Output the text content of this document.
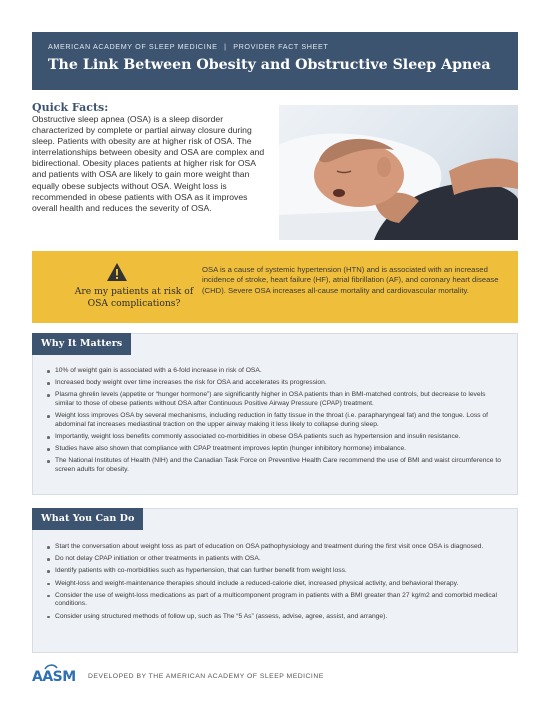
AMERICAN ACADEMY OF SLEEP MEDICINE | PROVIDER FACT SHEET
The Link Between Obesity and Obstructive Sleep Apnea
Quick Facts:
Obstructive sleep apnea (OSA) is a sleep disorder characterized by complete or partial airway closure during sleep. Patients with obesity are at higher risk of OSA. The interrelationships between obesity and OSA are complex and bidirectional. Obesity places patients at higher risk for OSA and patients with OSA are likely to gain more weight than equally obese subjects without OSA. Weight loss is recommended in obese patients with OSA as it improves overall health and reduces the severity of OSA.
Are my patients at risk of OSA complications?
OSA is a cause of systemic hypertension (HTN) and is associated with an increased incidence of stroke, heart failure (HF), atrial fibrillation (AF), and coronary heart disease (CHD). Severe OSA increases all-cause mortality and cardiovascular mortality.
Why It Matters
10% of weight gain is associated with a 6-fold increase in risk of OSA.
Increased body weight over time increases the risk for OSA and accelerates its progression.
Plasma ghrelin levels (appetite or “hunger hormone”) are significantly higher in OSA patients than in BMI-matched controls, but decrease to levels similar to those of obese patients without OSA after Continuous Positive Airway Pressure (CPAP) treatment.
Weight loss improves OSA by several mechanisms, including reduction in fatty tissue in the throat (i.e. parapharyngeal fat) and the tongue. Loss of abdominal fat increases mediastinal traction on the upper airway making it less likely to collapse during sleep.
Importantly, weight loss benefits commonly associated co-morbidities in obese OSA patients such as hypertension and insulin resistance.
Studies have also shown that compliance with CPAP treatment improves leptin (hunger inhibitory hormone) imbalance.
The National Institutes of Health (NIH) and the Canadian Task Force on Preventive Health Care recommend the use of BMI and waist circumference to screen adults for obesity.
What You Can Do
Start the conversation about weight loss as part of education on OSA pathophysiology and treatment during the first visit once OSA is diagnosed.
Do not delay CPAP initiation or other treatments in patients with OSA.
Identify patients with co-morbidities such as hypertension, that can further benefit from weight loss.
Weight-loss and weight-maintenance therapies should include a reduced-calorie diet, increased physical activity, and behavioral therapy.
Consider the use of weight-loss medications as part of a multicomponent program in patients with a BMI greater than 27 kg/m2 and comorbid medical conditions.
Consider using structured methods of follow up, such as The “5 As” (assess, advise, agree, assist, and arrange).
AASM DEVELOPED BY THE AMERICAN ACADEMY OF SLEEP MEDICINE
